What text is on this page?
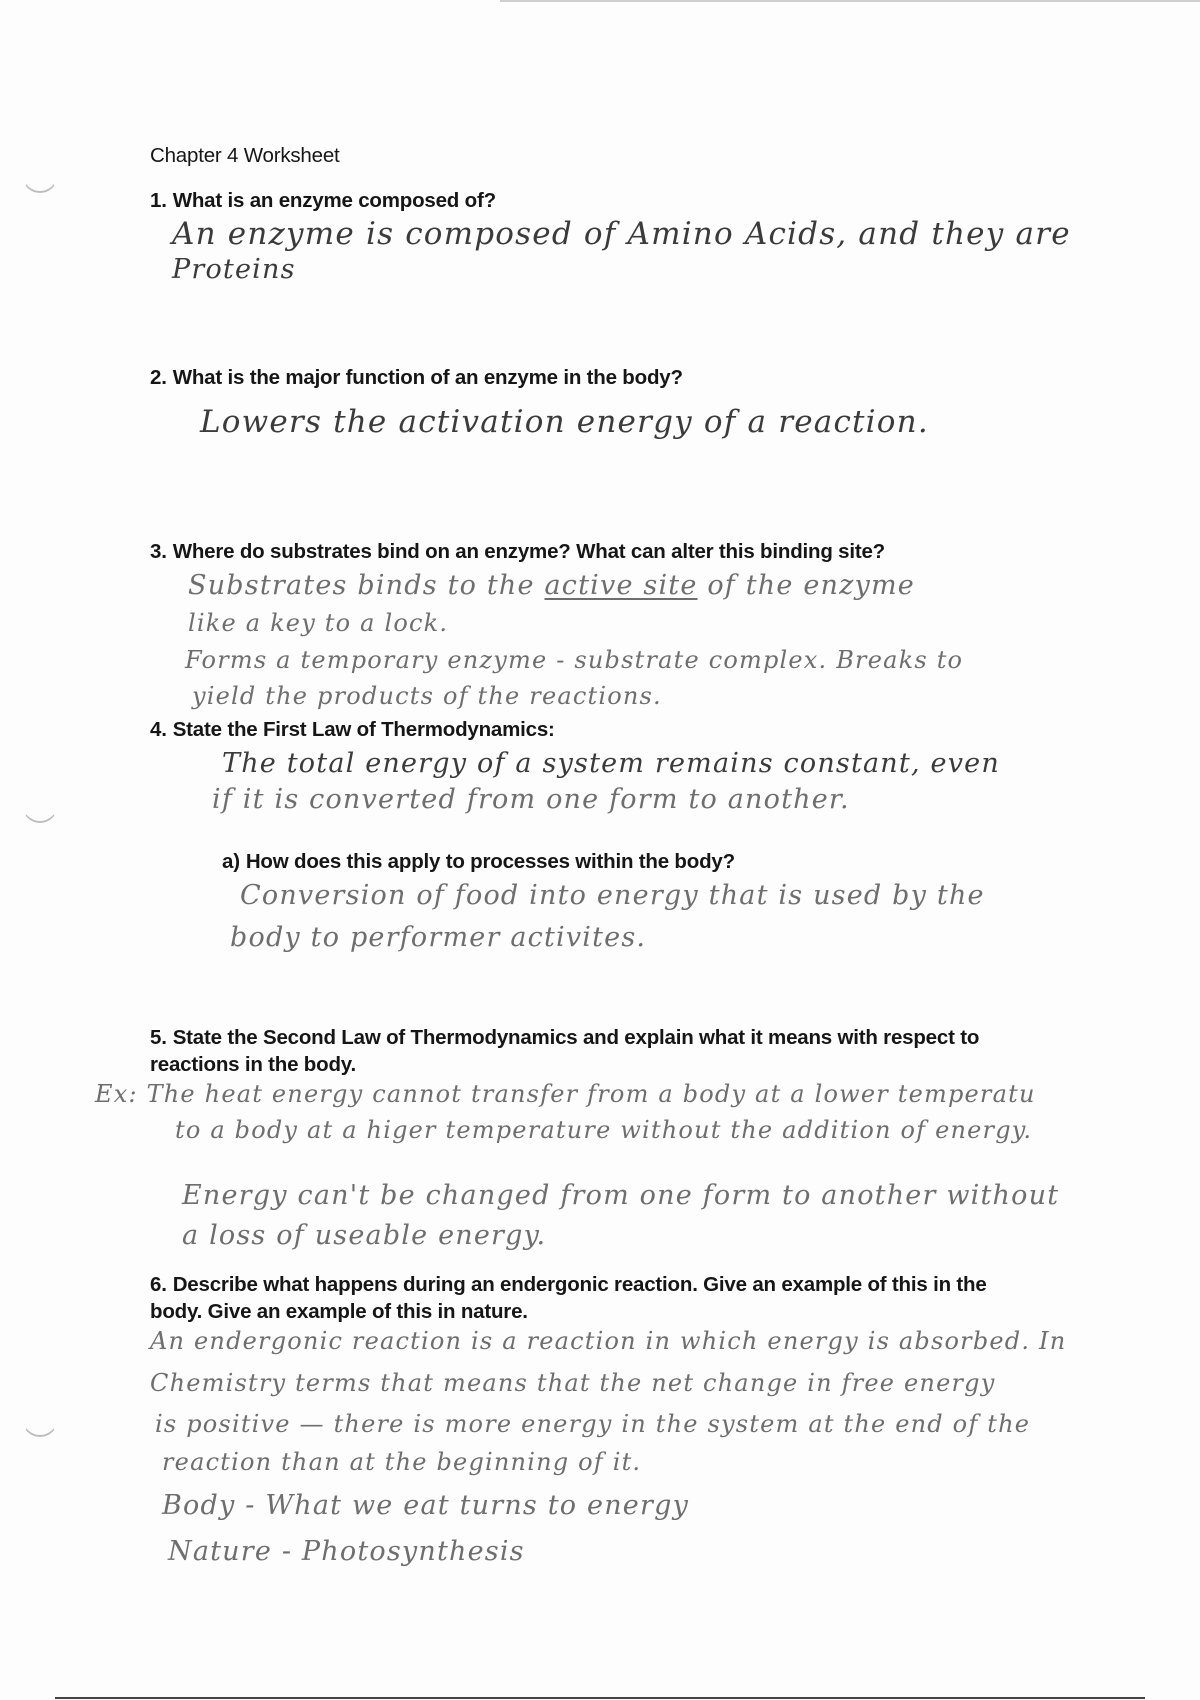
Chapter 4 Worksheet
1. What is an enzyme composed of?
An enzyme is composed of Amino Acids, and they are
Proteins
2. What is the major function of an enzyme in the body?
Lowers the activation energy of a reaction.
3. Where do substrates bind on an enzyme? What can alter this binding site?
Substrates binds to the active site of the enzyme
like a key to a lock.
Forms a temporary enzyme - substrate complex. Breaks to
yield the products of the reactions.
4. State the First Law of Thermodynamics:
The total energy of a system remains constant, even
if it is converted from one form to another.
a) How does this apply to processes within the body?
Conversion of food into energy that is used by the
body to performer activites.
5. State the Second Law of Thermodynamics and explain what it means with respect to
reactions in the body.
Ex: The heat energy cannot transfer from a body at a lower temperatu
to a body at a higer temperature without the addition of energy.
Energy can't be changed from one form to another without
a loss of useable energy.
6. Describe what happens during an endergonic reaction. Give an example of this in the
body. Give an example of this in nature.
An endergonic reaction is a reaction in which energy is absorbed. In
Chemistry terms that means that the net change in free energy
is positive — there is more energy in the system at the end of the
reaction than at the beginning of it.
Body - What we eat turns to energy
Nature - Photosynthesis
